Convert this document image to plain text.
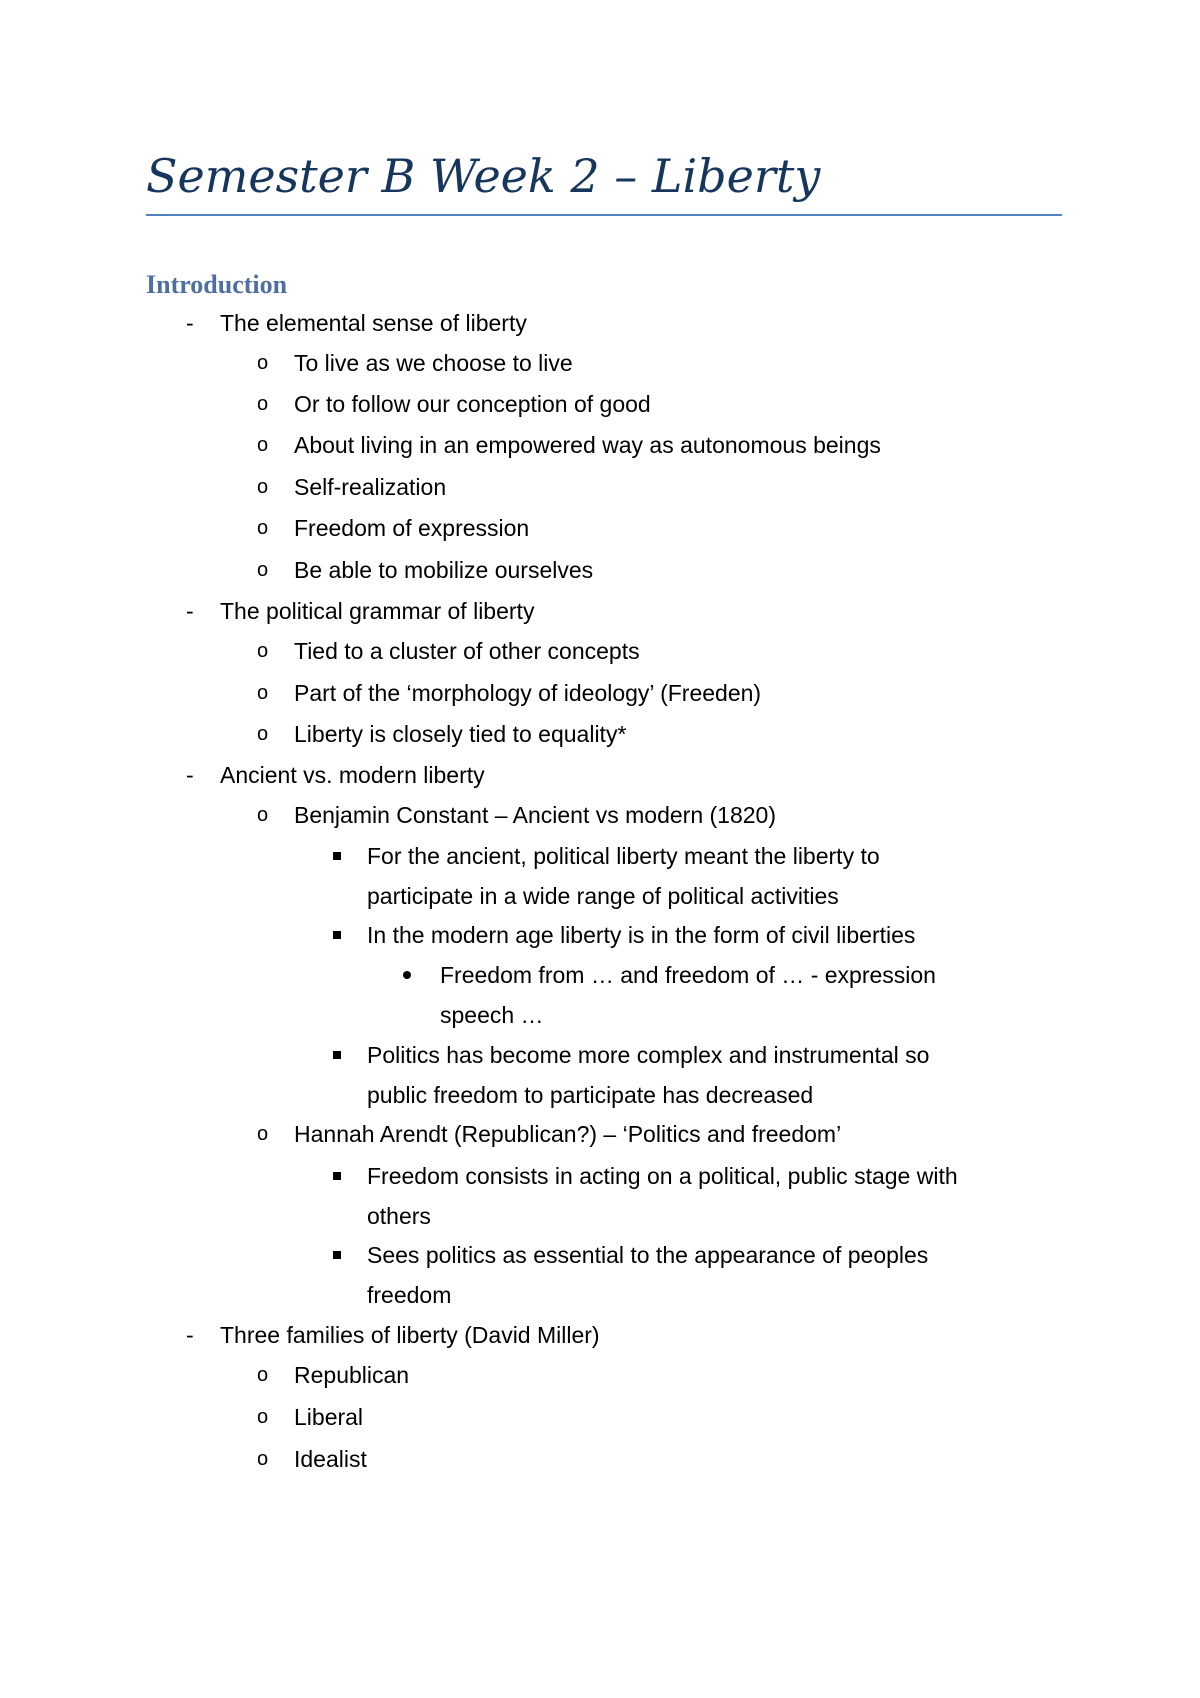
Semester B Week 2 – Liberty
Introduction
-	The elemental sense of liberty
o	To live as we choose to live
o	Or to follow our conception of good
o	About living in an empowered way as autonomous beings
o	Self-realization
o	Freedom of expression
o	Be able to mobilize ourselves
-	The political grammar of liberty
o	Tied to a cluster of other concepts
o	Part of the ‘morphology of ideology’ (Freeden)
o	Liberty is closely tied to equality*
-	Ancient vs. modern liberty
o	Benjamin Constant – Ancient vs modern (1820)
For the ancient, political liberty meant the liberty to
participate in a wide range of political activities
In the modern age liberty is in the form of civil liberties
Freedom from … and freedom of … - expression
speech …
Politics has become more complex and instrumental so
public freedom to participate has decreased
o	Hannah Arendt (Republican?) – ‘Politics and freedom’
Freedom consists in acting on a political, public stage with
others
Sees politics as essential to the appearance of peoples
freedom
-	Three families of liberty (David Miller)
o	Republican
o	Liberal
o	Idealist
